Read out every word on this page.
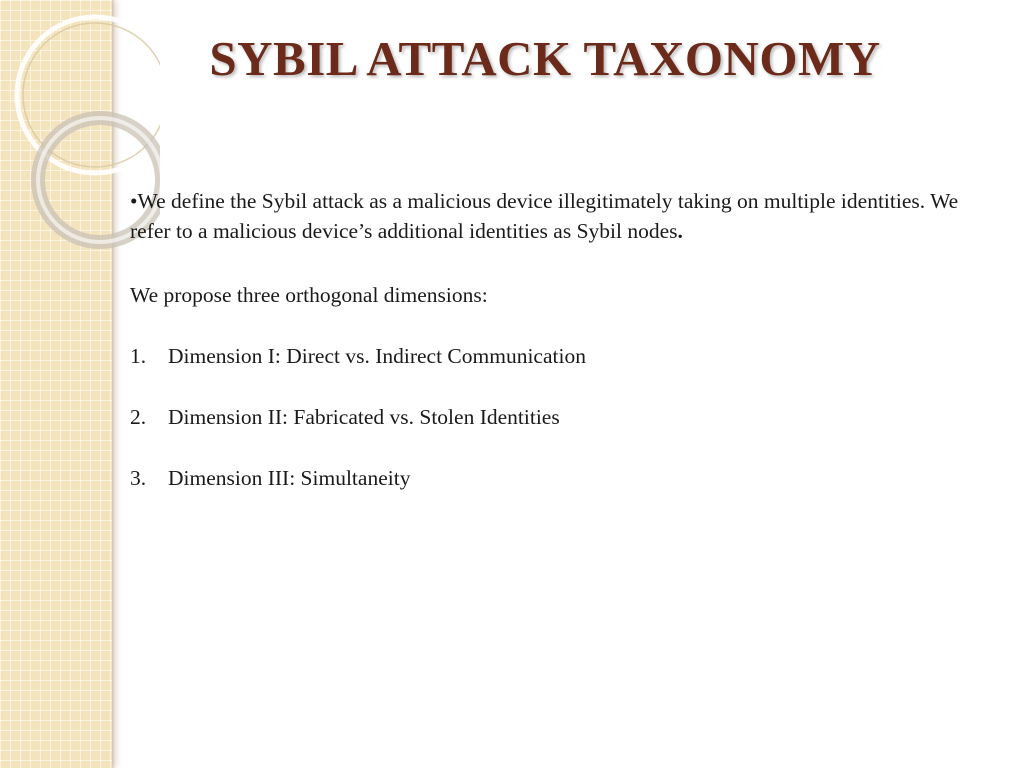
SYBIL ATTACK TAXONOMY

•We define the Sybil attack as a malicious device illegitimately taking on multiple identities. We refer to a malicious device’s additional identities as Sybil nodes.

We propose three orthogonal dimensions:

1.	Dimension I: Direct vs. Indirect Communication

2.	Dimension II: Fabricated vs. Stolen Identities

3.	Dimension III: Simultaneity
